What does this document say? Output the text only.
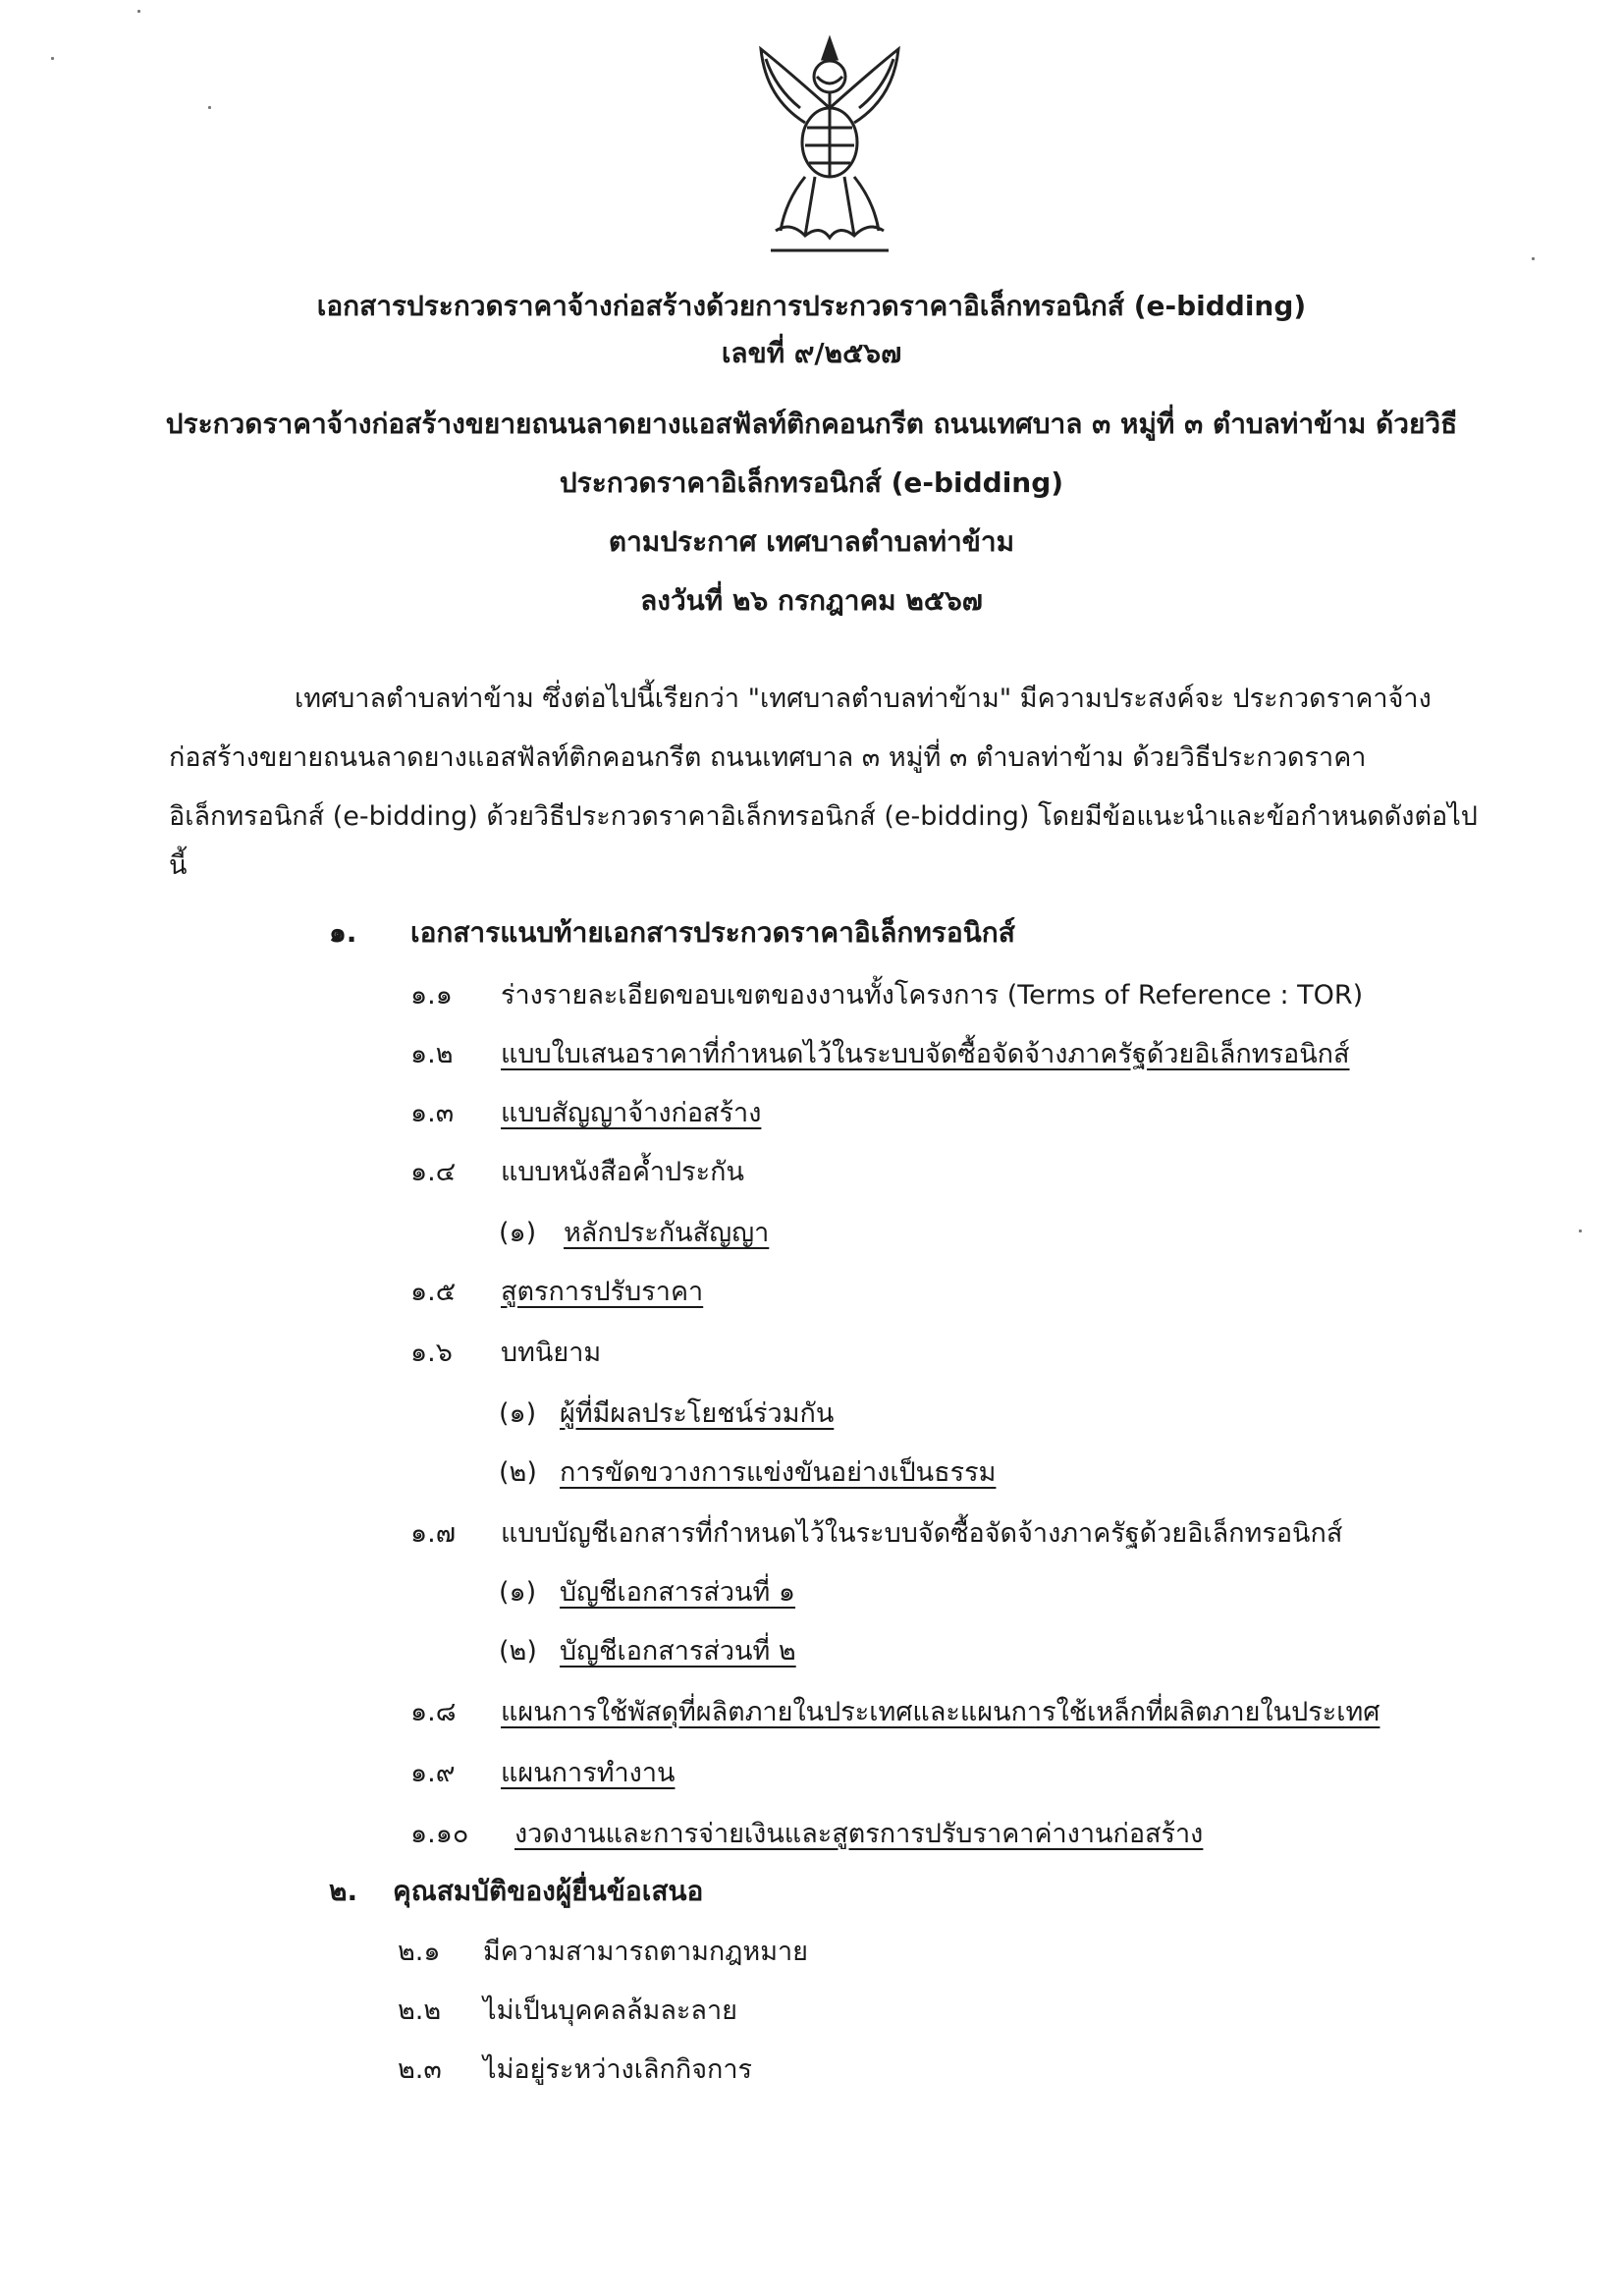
เอกสารประกวดราคาจ้างก่อสร้างด้วยการประกวดราคาอิเล็กทรอนิกส์ (e-bidding)
เลขที่ ๙/๒๕๖๗
ประกวดราคาจ้างก่อสร้างขยายถนนลาดยางแอสฟัลท์ติกคอนกรีต ถนนเทศบาล ๓ หมู่ที่ ๓ ตำบลท่าข้าม ด้วยวิธี
ประกวดราคาอิเล็กทรอนิกส์ (e-bidding)
ตามประกาศ เทศบาลตำบลท่าข้าม
ลงวันที่ ๒๖ กรกฎาคม ๒๕๖๗
เทศบาลตำบลท่าข้าม ซึ่งต่อไปนี้เรียกว่า "เทศบาลตำบลท่าข้าม" มีความประสงค์จะ ประกวดราคาจ้าง
ก่อสร้างขยายถนนลาดยางแอสฟัลท์ติกคอนกรีต ถนนเทศบาล ๓ หมู่ที่ ๓ ตำบลท่าข้าม ด้วยวิธีประกวดราคา
อิเล็กทรอนิกส์ (e-bidding) ด้วยวิธีประกวดราคาอิเล็กทรอนิกส์ (e-bidding) โดยมีข้อแนะนำและข้อกำหนดดังต่อไป
นี้
๑. เอกสารแนบท้ายเอกสารประกวดราคาอิเล็กทรอนิกส์
๑.๑ ร่างรายละเอียดขอบเขตของงานทั้งโครงการ (Terms of Reference : TOR)
๑.๒ แบบใบเสนอราคาที่กำหนดไว้ในระบบจัดซื้อจัดจ้างภาครัฐด้วยอิเล็กทรอนิกส์
๑.๓ แบบสัญญาจ้างก่อสร้าง
๑.๔ แบบหนังสือค้ำประกัน
(๑) หลักประกันสัญญา
๑.๕ สูตรการปรับราคา
๑.๖ บทนิยาม
(๑) ผู้ที่มีผลประโยชน์ร่วมกัน
(๒) การขัดขวางการแข่งขันอย่างเป็นธรรม
๑.๗ แบบบัญชีเอกสารที่กำหนดไว้ในระบบจัดซื้อจัดจ้างภาครัฐด้วยอิเล็กทรอนิกส์
(๑) บัญชีเอกสารส่วนที่ ๑
(๒) บัญชีเอกสารส่วนที่ ๒
๑.๘ แผนการใช้พัสดุที่ผลิตภายในประเทศและแผนการใช้เหล็กที่ผลิตภายในประเทศ
๑.๙ แผนการทำงาน
๑.๑๐ งวดงานและการจ่ายเงินและสูตรการปรับราคาค่างานก่อสร้าง
๒. คุณสมบัติของผู้ยื่นข้อเสนอ
๒.๑ มีความสามารถตามกฎหมาย
๒.๒ ไม่เป็นบุคคลล้มละลาย
๒.๓ ไม่อยู่ระหว่างเลิกกิจการ
